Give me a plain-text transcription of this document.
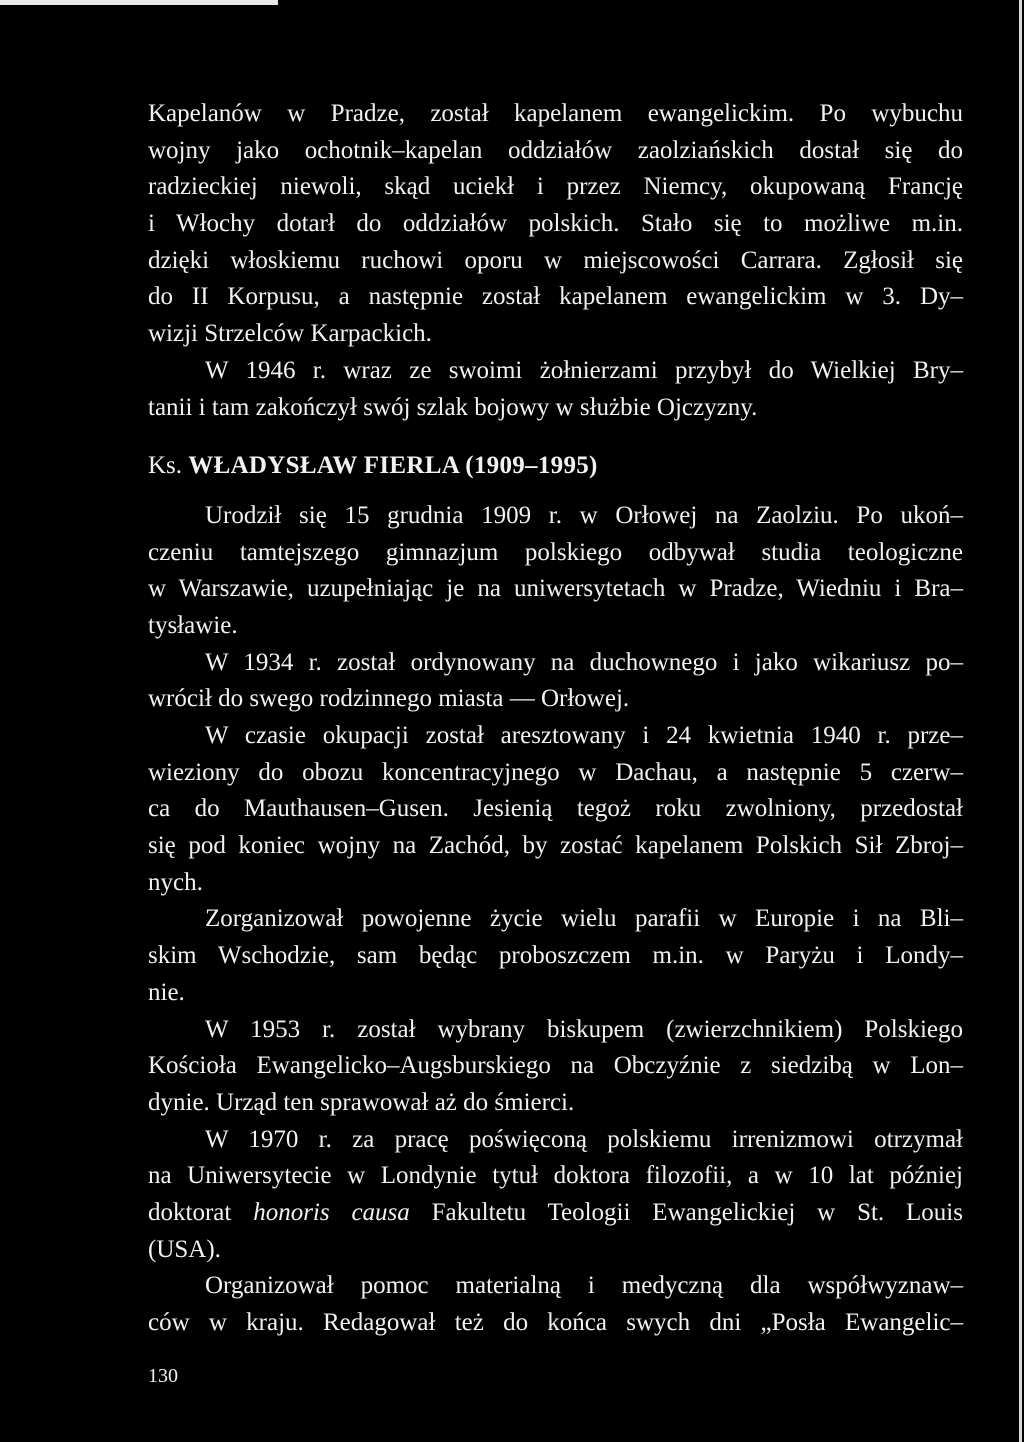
Kapelanów w Pradze, został kapelanem ewangelickim. Po wybuchu
wojny jako ochotnik–kapelan oddziałów zaolziańskich dostał się do
radzieckiej niewoli, skąd uciekł i przez Niemcy, okupowaną Francję
i Włochy dotarł do oddziałów polskich. Stało się to możliwe m.in.
dzięki włoskiemu ruchowi oporu w miejscowości Carrara. Zgłosił się
do II Korpusu, a następnie został kapelanem ewangelickim w 3. Dy–
wizji Strzelców Karpackich.
W 1946 r. wraz ze swoimi żołnierzami przybył do Wielkiej Bry–
tanii i tam zakończył swój szlak bojowy w służbie Ojczyzny.
Ks. WŁADYSŁAW FIERLA (1909–1995)
Urodził się 15 grudnia 1909 r. w Orłowej na Zaolziu. Po ukoń–
czeniu tamtejszego gimnazjum polskiego odbywał studia teologiczne
w Warszawie, uzupełniając je na uniwersytetach w Pradze, Wiedniu i Bra–
tysławie.
W 1934 r. został ordynowany na duchownego i jako wikariusz po–
wrócił do swego rodzinnego miasta — Orłowej.
W czasie okupacji został aresztowany i 24 kwietnia 1940 r. prze–
wieziony do obozu koncentracyjnego w Dachau, a następnie 5 czerw–
ca do Mauthausen–Gusen. Jesienią tegoż roku zwolniony, przedostał
się pod koniec wojny na Zachód, by zostać kapelanem Polskich Sił Zbroj–
nych.
Zorganizował powojenne życie wielu parafii w Europie i na Bli–
skim Wschodzie, sam będąc proboszczem m.in. w Paryżu i Londy–
nie.
W 1953 r. został wybrany biskupem (zwierzchnikiem) Polskiego
Kościoła Ewangelicko–Augsburskiego na Obczyźnie z siedzibą w Lon–
dynie. Urząd ten sprawował aż do śmierci.
W 1970 r. za pracę poświęconą polskiemu irrenizmowi otrzymał
na Uniwersytecie w Londynie tytuł doktora filozofii, a w 10 lat później
doktorat honoris causa Fakultetu Teologii Ewangelickiej w St. Louis
(USA).
Organizował pomoc materialną i medyczną dla współwyznaw–
ców w kraju. Redagował też do końca swych dni „Posła Ewangelic–
130
